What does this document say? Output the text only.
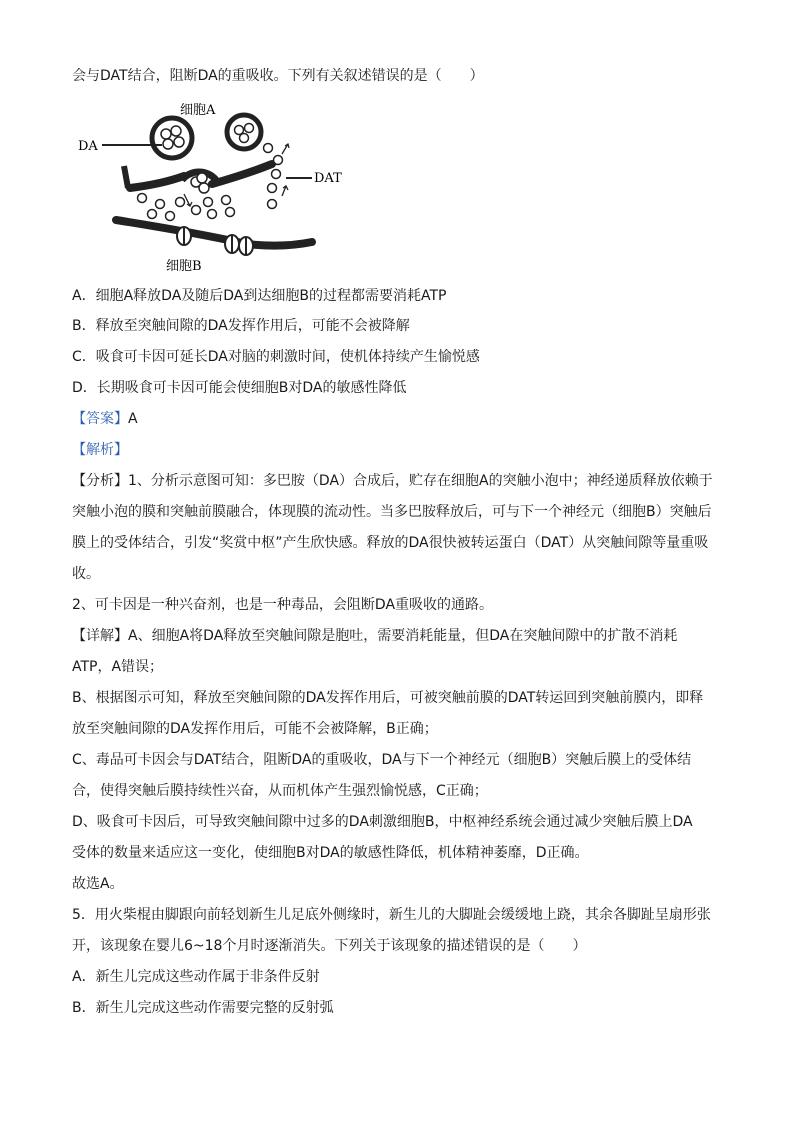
会与DAT结合，阻断DA的重吸收。下列有关叙述错误的是（　　）
细胞A
DA
DAT
细胞B
A．细胞A释放DA及随后DA到达细胞B的过程都需要消耗ATP
B．释放至突触间隙的DA发挥作用后，可能不会被降解
C．吸食可卡因可延长DA对脑的刺激时间，使机体持续产生愉悦感
D．长期吸食可卡因可能会使细胞B对DA的敏感性降低
【答案】A
【解析】
【分析】1、分析示意图可知：多巴胺（DA）合成后，贮存在细胞A的突触小泡中；神经递质释放依赖于
突触小泡的膜和突触前膜融合，体现膜的流动性。当多巴胺释放后，可与下一个神经元（细胞B）突触后
膜上的受体结合，引发“奖赏中枢”产生欣快感。释放的DA很快被转运蛋白（DAT）从突触间隙等量重吸
收。
2、可卡因是一种兴奋剂，也是一种毒品，会阻断DA重吸收的通路。
【详解】A、细胞A将DA释放至突触间隙是胞吐，需要消耗能量，但DA在突触间隙中的扩散不消耗
ATP，A错误；
B、根据图示可知，释放至突触间隙的DA发挥作用后，可被突触前膜的DAT转运回到突触前膜内，即释
放至突触间隙的DA发挥作用后，可能不会被降解，B正确；
C、毒品可卡因会与DAT结合，阻断DA的重吸收，DA与下一个神经元（细胞B）突触后膜上的受体结
合，使得突触后膜持续性兴奋，从而机体产生强烈愉悦感，C正确；
D、吸食可卡因后，可导致突触间隙中过多的DA刺激细胞B，中枢神经系统会通过减少突触后膜上DA
受体的数量来适应这一变化，使细胞B对DA的敏感性降低，机体精神萎靡，D正确。
故选A。
5．用火柴棍由脚跟向前轻划新生儿足底外侧缘时，新生儿的大脚趾会缓缓地上跷，其余各脚趾呈扇形张
开，该现象在婴儿6~18个月时逐渐消失。下列关于该现象的描述错误的是（　　）
A．新生儿完成这些动作属于非条件反射
B．新生儿完成这些动作需要完整的反射弧
